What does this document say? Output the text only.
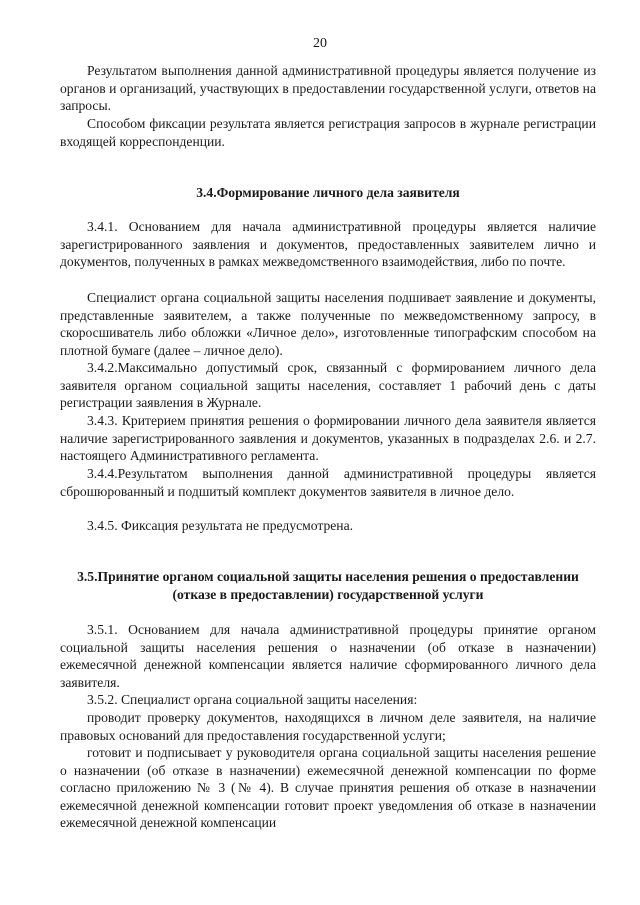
20

Результатом выполнения данной административной процедуры является получение из органов и организаций, участвующих в предоставлении государственной услуги, ответов на запросы.

Способом фиксации результата является регистрация запросов в журнале регистрации входящей корреспонденции.

3.4.Формирование личного дела заявителя

3.4.1. Основанием для начала административной процедуры является наличие зарегистрированного заявления и документов, предоставленных заявителем лично и документов, полученных в рамках межведомственного взаимодействия, либо по почте.

Специалист органа социальной защиты населения подшивает заявление и документы, представленные заявителем, а также полученные по межведомственному запросу, в скоросшиватель либо обложки «Личное дело», изготовленные типографским способом на плотной бумаге (далее – личное дело).

3.4.2.Максимально допустимый срок, связанный с формированием личного дела заявителя органом социальной защиты населения, составляет 1 рабочий день с даты регистрации заявления в Журнале.

3.4.3. Критерием принятия решения о формировании личного дела заявителя является наличие зарегистрированного заявления и документов, указанных в подразделах 2.6. и 2.7. настоящего Административного регламента.

3.4.4.Результатом выполнения данной административной процедуры является сброшюрованный и подшитый комплект документов заявителя в личное дело.

3.4.5. Фиксация результата не предусмотрена.

3.5.Принятие органом социальной защиты населения решения о предоставлении (отказе в предоставлении) государственной услуги

3.5.1. Основанием для начала административной процедуры принятие органом социальной защиты населения решения о назначении (об отказе в назначении) ежемесячной денежной компенсации является наличие сформированного личного дела заявителя.

3.5.2. Специалист органа социальной защиты населения:

проводит проверку документов, находящихся в личном деле заявителя, на наличие правовых оснований для предоставления государственной услуги;

готовит и подписывает у руководителя органа социальной защиты населения решение о назначении (об отказе в назначении) ежемесячной денежной компенсации по форме согласно приложению № 3 (№ 4). В случае принятия решения об отказе в назначении ежемесячной денежной компенсации готовит проект уведомления об отказе в назначении ежемесячной денежной компенсации
